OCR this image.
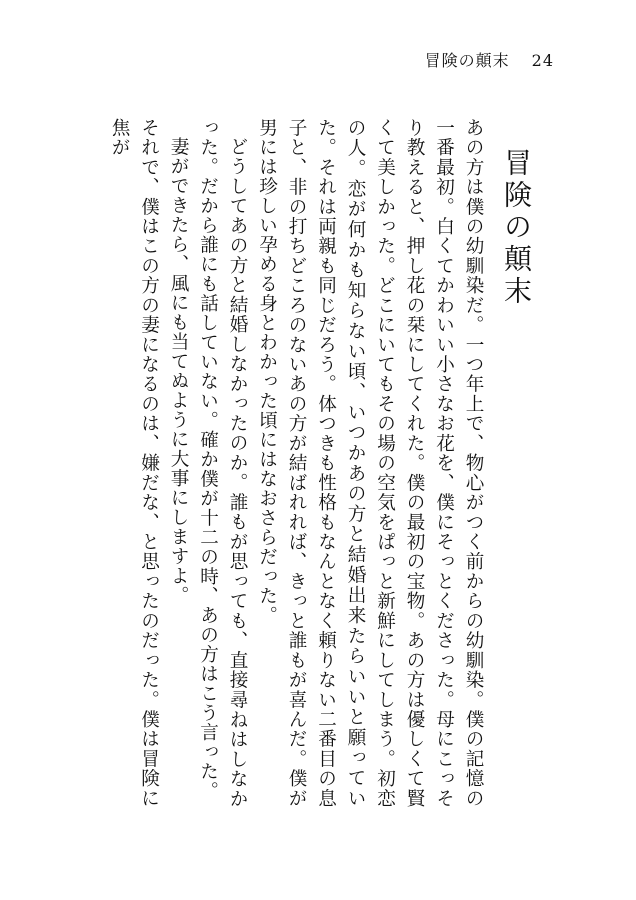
冒険の顛末 24
冒険の顛末

あの方は僕の幼馴染だ。一つ年上で、物心がつく前からの幼馴染。僕の記憶の一番最初。白くてかわいい小さなお花を、僕にそっとくださった。母にこっそり教えると、押し花の栞にしてくれた。僕の最初の宝物。あの方は優しくて賢くて美しかった。どこにいてもその場の空気をぱっと新鮮にしてしまう。初恋の人。恋が何かも知らない頃、いつかあの方と結婚出来たらいいと願っていた。それは両親も同じだろう。体つきも性格もなんとなく頼りない二番目の息子と、非の打ちどころのないあの方が結ばれれば、きっと誰もが喜んだ。僕が男には珍しい孕める身とわかった頃にはなおさらだった。

どうしてあの方と結婚しなかったのか。誰もが思っても、直接尋ねはしなかった。だから誰にも話していない。確か僕が十二の時、あの方はこう言った。

妻ができたら、風にも当てぬように大事にしますよ。

それで、僕はこの方の妻になるのは、嫌だな、と思ったのだった。僕は冒険に焦が
